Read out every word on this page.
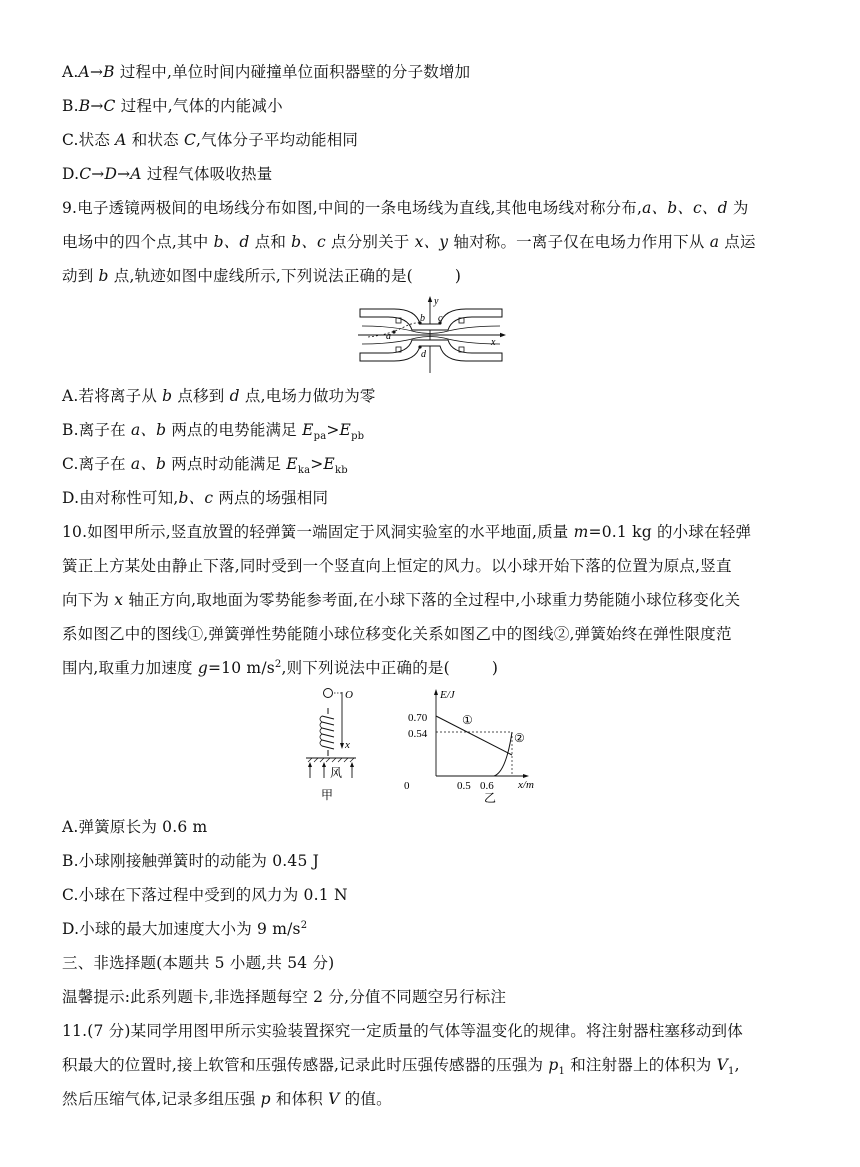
A.A→B 过程中,单位时间内碰撞单位面积器壁的分子数增加
B.B→C 过程中,气体的内能减小
C.状态 A 和状态 C,气体分子平均动能相同
D.C→D→A 过程气体吸收热量
9.电子透镜两极间的电场线分布如图,中间的一条电场线为直线,其他电场线对称分布,a、b、c、d 为
电场中的四个点,其中 b、d 点和 b、c 点分别关于 x、y 轴对称。一离子仅在电场力作用下从 a 点运
动到 b 点,轨迹如图中虚线所示,下列说法正确的是(	)
y
x
a
b c
d
A.若将离子从 b 点移到 d 点,电场力做功为零
B.离子在 a、b 两点的电势能满足 $E_{pa}>E_{pb}$
C.离子在 a、b 两点时动能满足 $E_{ka}>E_{kb}$
D.由对称性可知,b、c 两点的场强相同
10.如图甲所示,竖直放置的轻弹簧一端固定于风洞实验室的水平地面,质量 m=0.1 kg 的小球在轻弹
簧正上方某处由静止下落,同时受到一个竖直向上恒定的风力。以小球开始下落的位置为原点,竖直
向下为 x 轴正方向,取地面为零势能参考面,在小球下落的全过程中,小球重力势能随小球位移变化关
系如图乙中的图线①,弹簧弹性势能随小球位移变化关系如图乙中的图线②,弹簧始终在弹性限度范
围内,取重力加速度 g=10 $m/s^2$,则下列说法中正确的是(	)
O
x
风
甲
E/J
x/m
0.70
0.54
0	0.5 0.6
①
②
乙
A.弹簧原长为 0.6 m
B.小球刚接触弹簧时的动能为 0.45 J
C.小球在下落过程中受到的风力为 0.1 N
D.小球的最大加速度大小为 9 $m/s^2$
三、非选择题(本题共 5 小题,共 54 分)
温馨提示:此系列题卡,非选择题每空 2 分,分值不同题空另行标注
11.(7 分)某同学用图甲所示实验装置探究一定质量的气体等温变化的规律。将注射器柱塞移动到体
积最大的位置时,接上软管和压强传感器,记录此时压强传感器的压强为 $p_1$ 和注射器上的体积为 $V_1$,
然后压缩气体,记录多组压强 p 和体积 V 的值。
